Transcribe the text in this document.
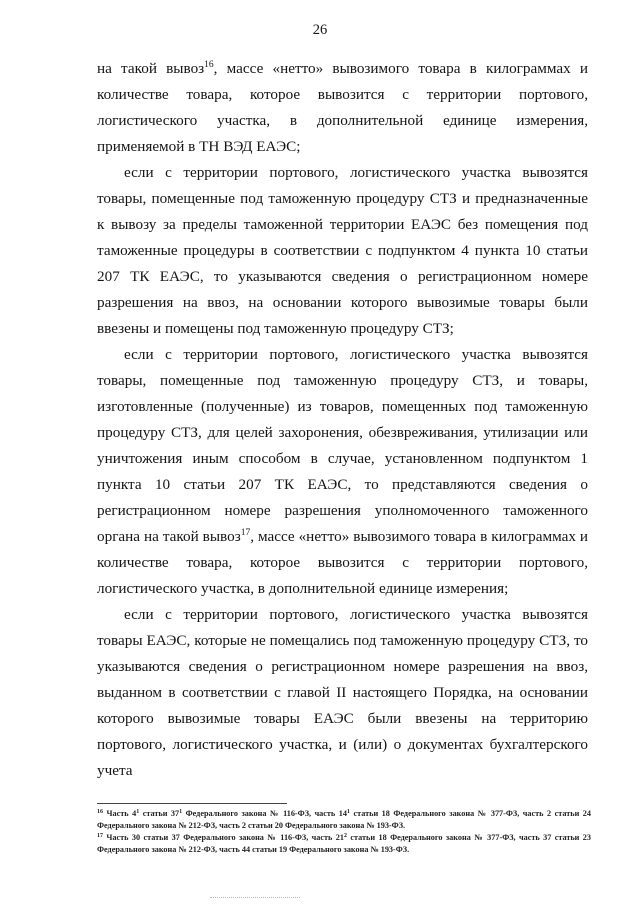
26

на такой вывоз$^{16}$, массе «нетто» вывозимого товара в килограммах и количестве товара, которое вывозится с территории портового, логистического участка, в дополнительной единице измерения, применяемой в ТН ВЭД ЕАЭС;

если с территории портового, логистического участка вывозятся товары, помещенные под таможенную процедуру СТЗ и предназначенные к вывозу за пределы таможенной территории ЕАЭС без помещения под таможенные процедуры в соответствии с подпунктом 4 пункта 10 статьи 207 ТК ЕАЭС, то указываются сведения о регистрационном номере разрешения на ввоз, на основании которого вывозимые товары были ввезены и помещены под таможенную процедуру СТЗ;

если с территории портового, логистического участка вывозятся товары, помещенные под таможенную процедуру СТЗ, и товары, изготовленные (полученные) из товаров, помещенных под таможенную процедуру СТЗ, для целей захоронения, обезвреживания, утилизации или уничтожения иным способом в случае, установленном подпунктом 1 пункта 10 статьи 207 ТК ЕАЭС, то представляются сведения о регистрационном номере разрешения уполномоченного таможенного органа на такой вывоз$^{17}$, массе «нетто» вывозимого товара в килограммах и количестве товара, которое вывозится с территории портового, логистического участка, в дополнительной единице измерения;

если с территории портового, логистического участка вывозятся товары ЕАЭС, которые не помещались под таможенную процедуру СТЗ, то указываются сведения о регистрационном номере разрешения на ввоз, выданном в соответствии с главой II настоящего Порядка, на основании которого вывозимые товары ЕАЭС были ввезены на территорию портового, логистического участка, и (или) о документах бухгалтерского учета

$^{16}$ Часть $4^1$ статьи $37^1$ Федерального закона № 116-ФЗ, часть $14^1$ статьи 18 Федерального закона № 377-ФЗ, часть 2 статьи 24 Федерального закона № 212-ФЗ, часть 2 статьи 20 Федерального закона № 193-ФЗ.

$^{17}$ Часть 30 статьи 37 Федерального закона № 116-ФЗ, часть $21^2$ статьи 18 Федерального закона № 377-ФЗ, часть 37 статьи 23 Федерального закона № 212-ФЗ, часть 44 статьи 19 Федерального закона № 193-ФЗ.
